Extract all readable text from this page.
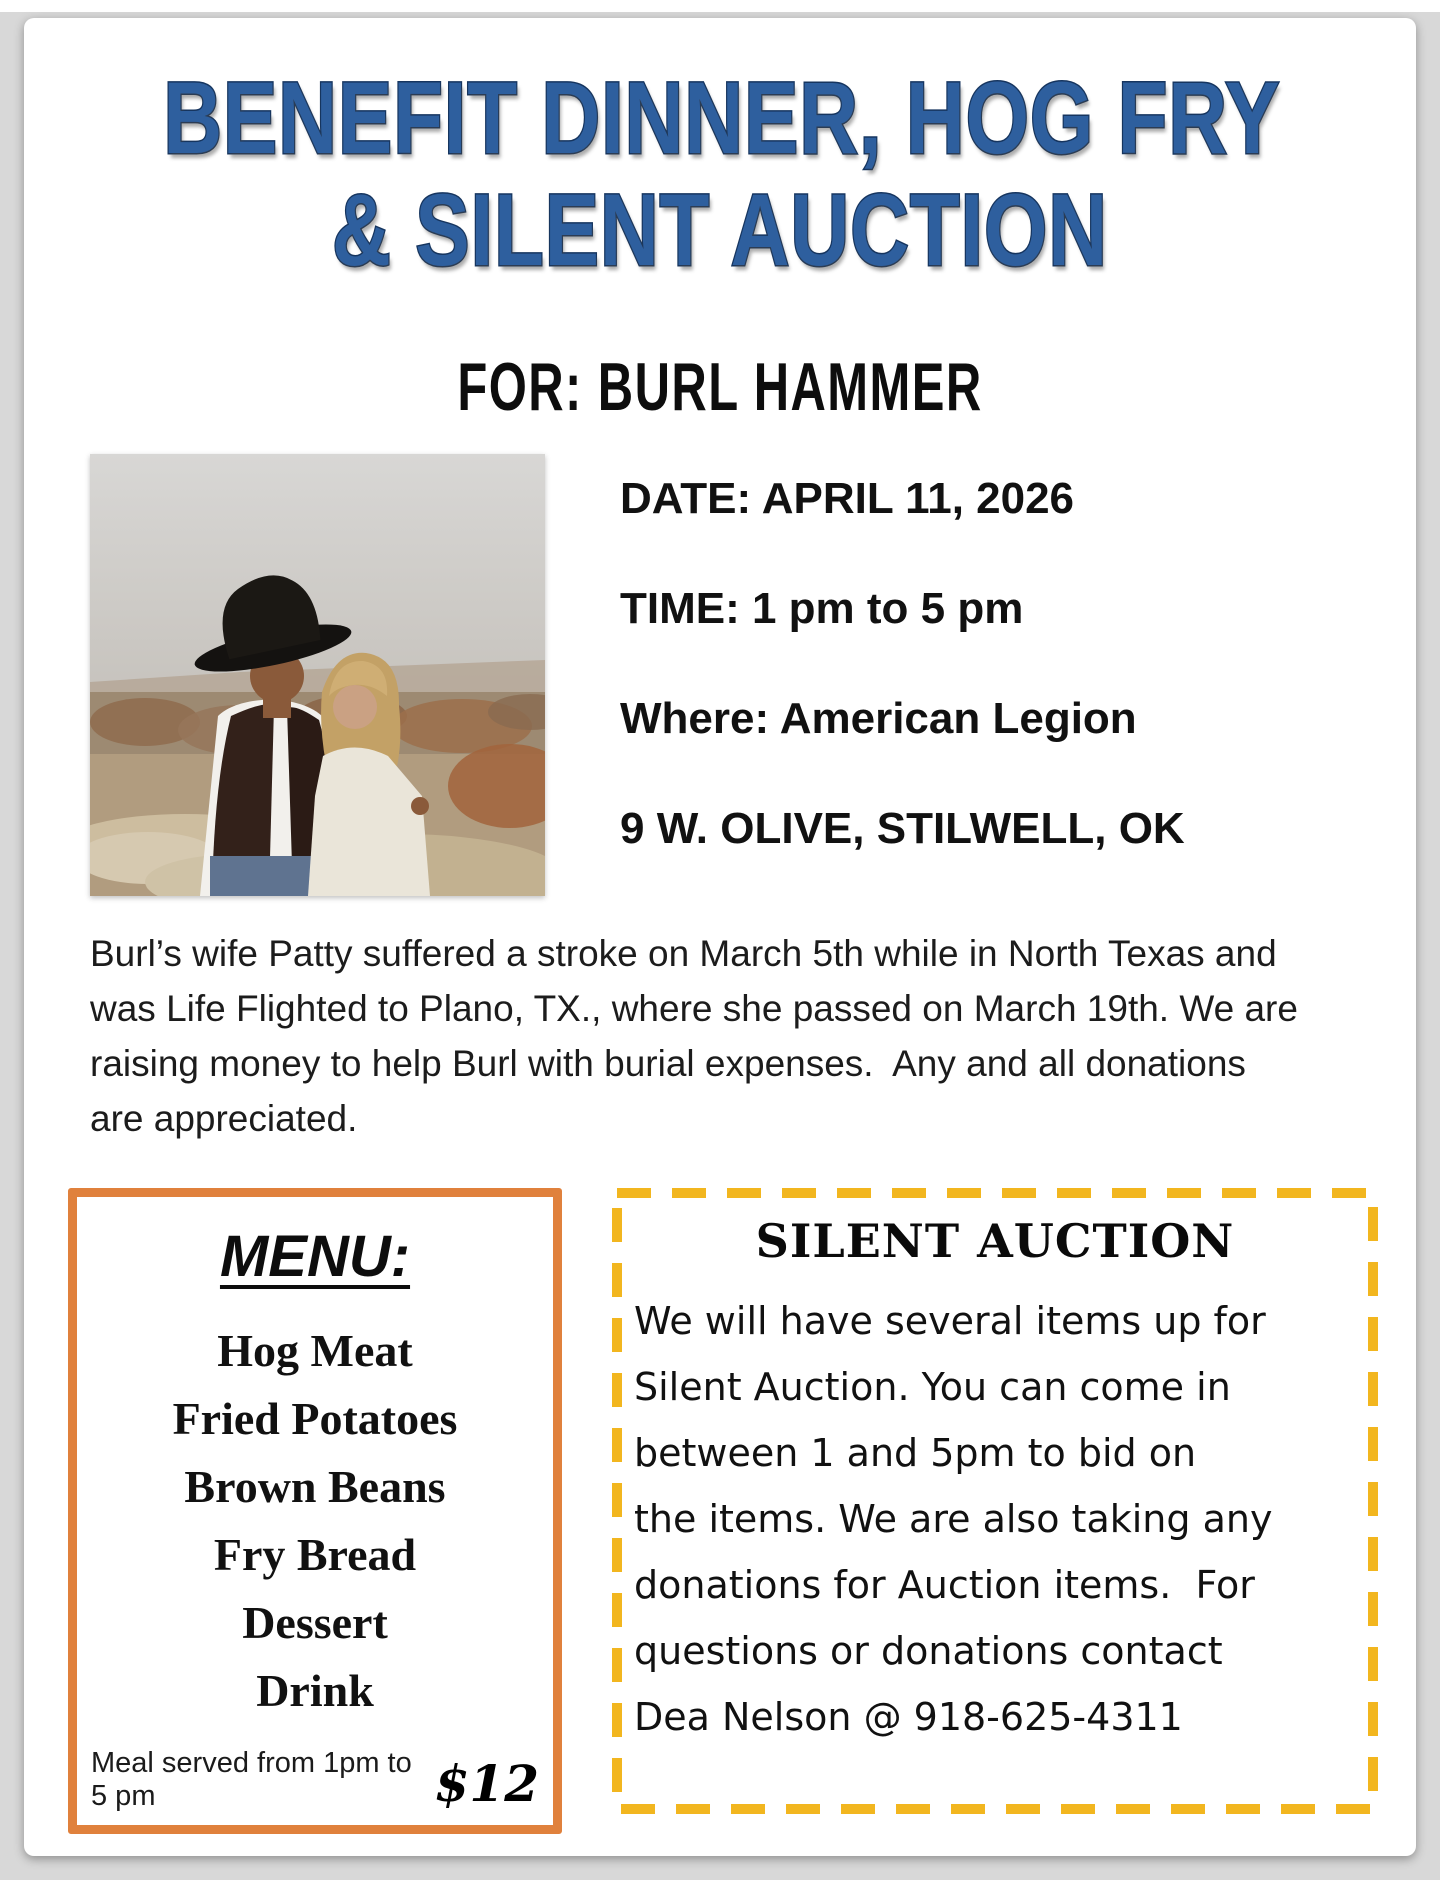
BENEFIT DINNER, HOG FRY
& SILENT AUCTION
FOR: BURL HAMMER
DATE: APRIL 11, 2026
TIME: 1 pm to 5 pm
Where: American Legion
9 W. OLIVE, STILWELL, OK
Burl’s wife Patty suffered a stroke on March 5th while in North Texas and
was Life Flighted to Plano, TX., where she passed on March 19th. We are
raising money to help Burl with burial expenses.  Any and all donations
are appreciated.
MENU:
Hog Meat
Fried Potatoes
Brown Beans
Fry Bread
Dessert
Drink
Meal served from 1pm to 5 pm	$12
SILENT AUCTION
We will have several items up for
Silent Auction. You can come in
between 1 and 5pm to bid on
the items. We are also taking any
donations for Auction items.  For
questions or donations contact
Dea Nelson @ 918-625-4311
